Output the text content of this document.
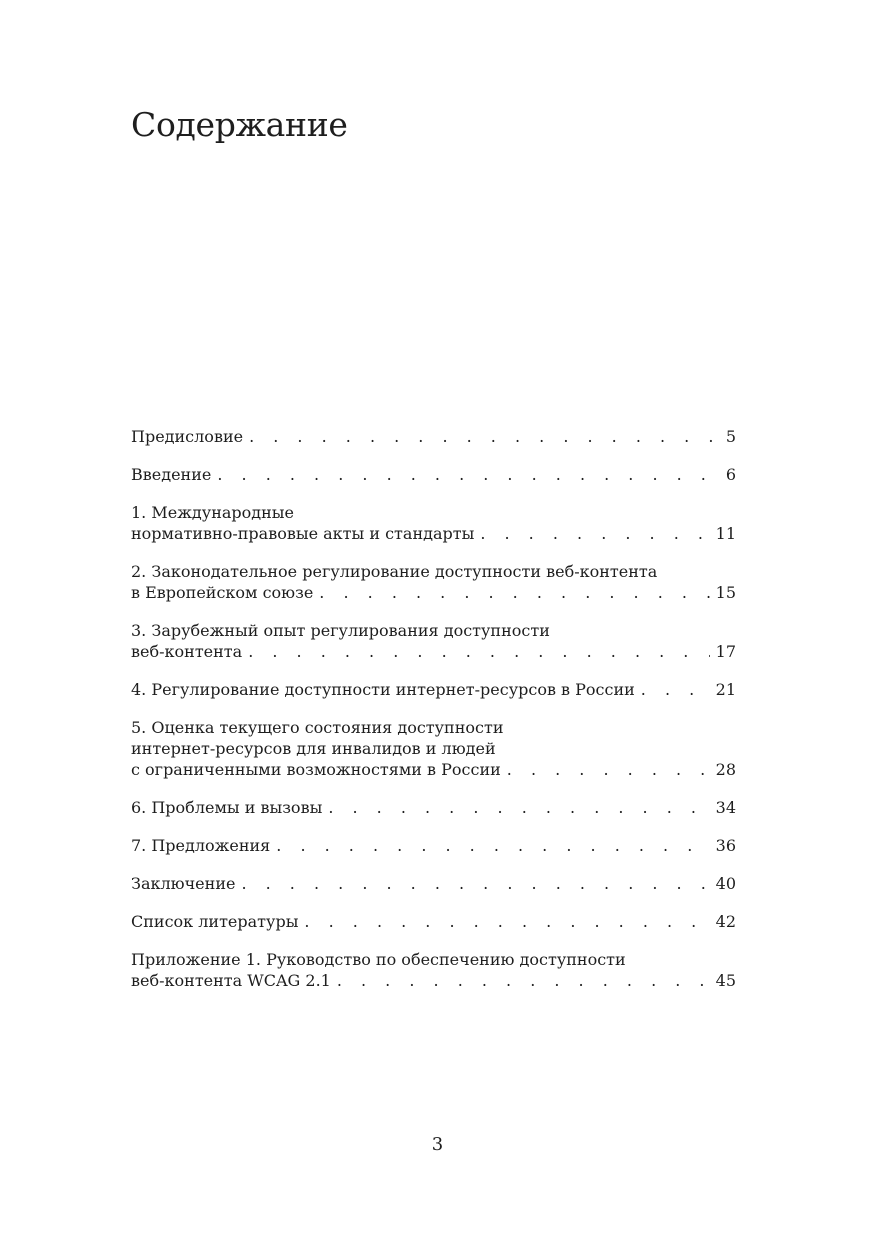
Содержание
Предисловие . . .	5
Введение . . .	6
1. Международные
нормативно-правовые акты и стандарты . . .	11
2. Законодательное регулирование доступности веб-контента
в Европейском союзе . . .	15
3. Зарубежный опыт регулирования доступности
веб-контента . . .	17
4. Регулирование доступности интернет-ресурсов в России . . .	21
5. Оценка текущего состояния доступности
интернет-ресурсов для инвалидов и людей
с ограниченными возможностями в России . . .	28
6. Проблемы и вызовы . . .	34
7. Предложения . . .	36
Заключение . . .	40
Список литературы . . .	42
Приложение 1. Руководство по обеспечению доступности
веб-контента WCAG 2.1 . . .	45
3
